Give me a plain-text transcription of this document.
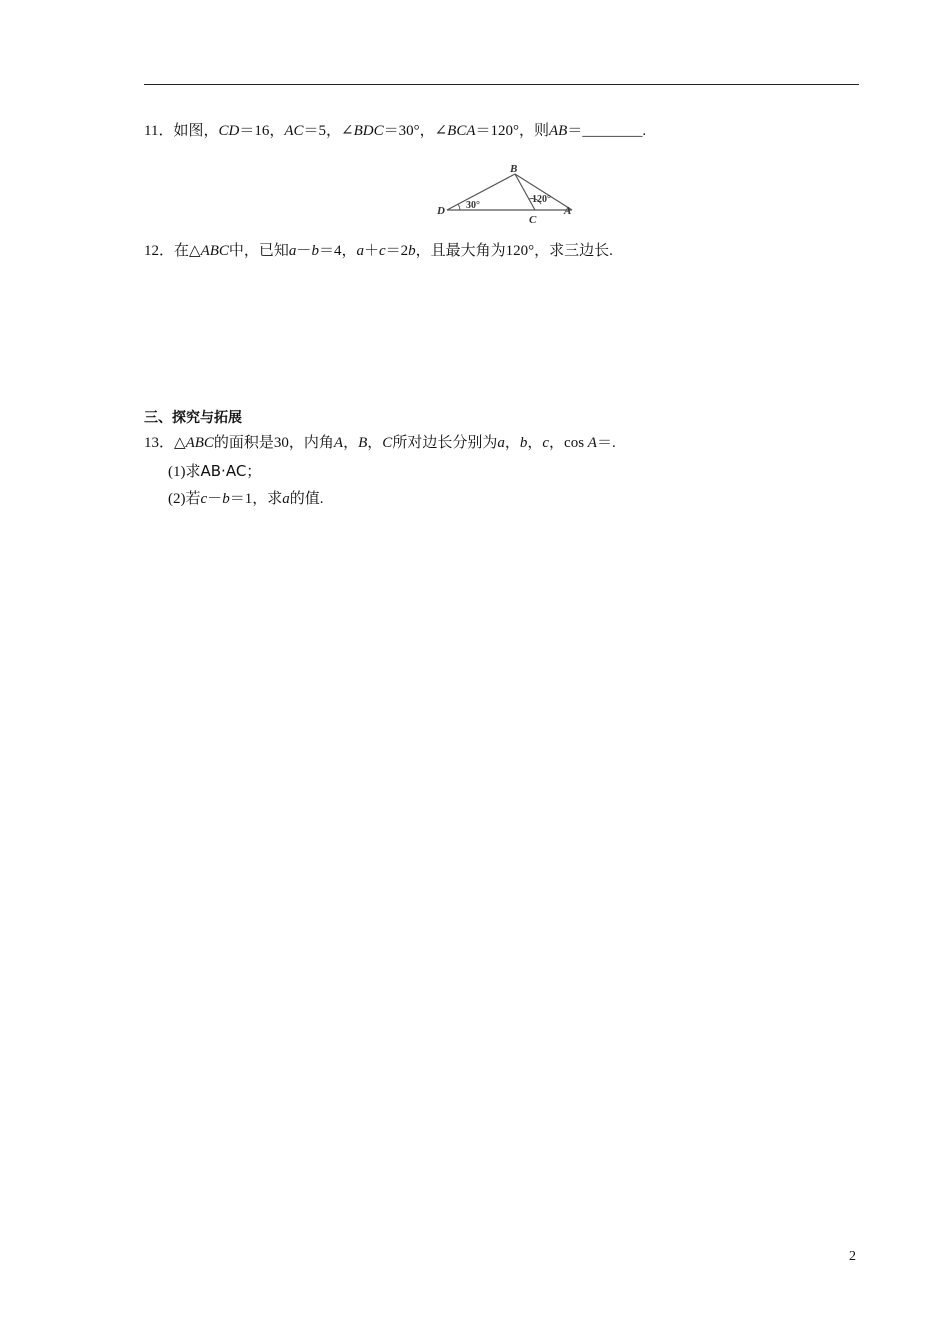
11．如图，CD＝16，AC＝5，∠BDC＝30°，∠BCA＝120°，则AB＝________.
B
D
C
A
30°
120°
12．在△ABC中，已知a－b＝4，a＋c＝2b，且最大角为120°，求三边长.
三、探究与拓展
13．△ABC的面积是30，内角A，B，C所对边长分别为a，b，c，cos A＝.
(1)求AB·AC；
(2)若c－b＝1，求a的值.
2
